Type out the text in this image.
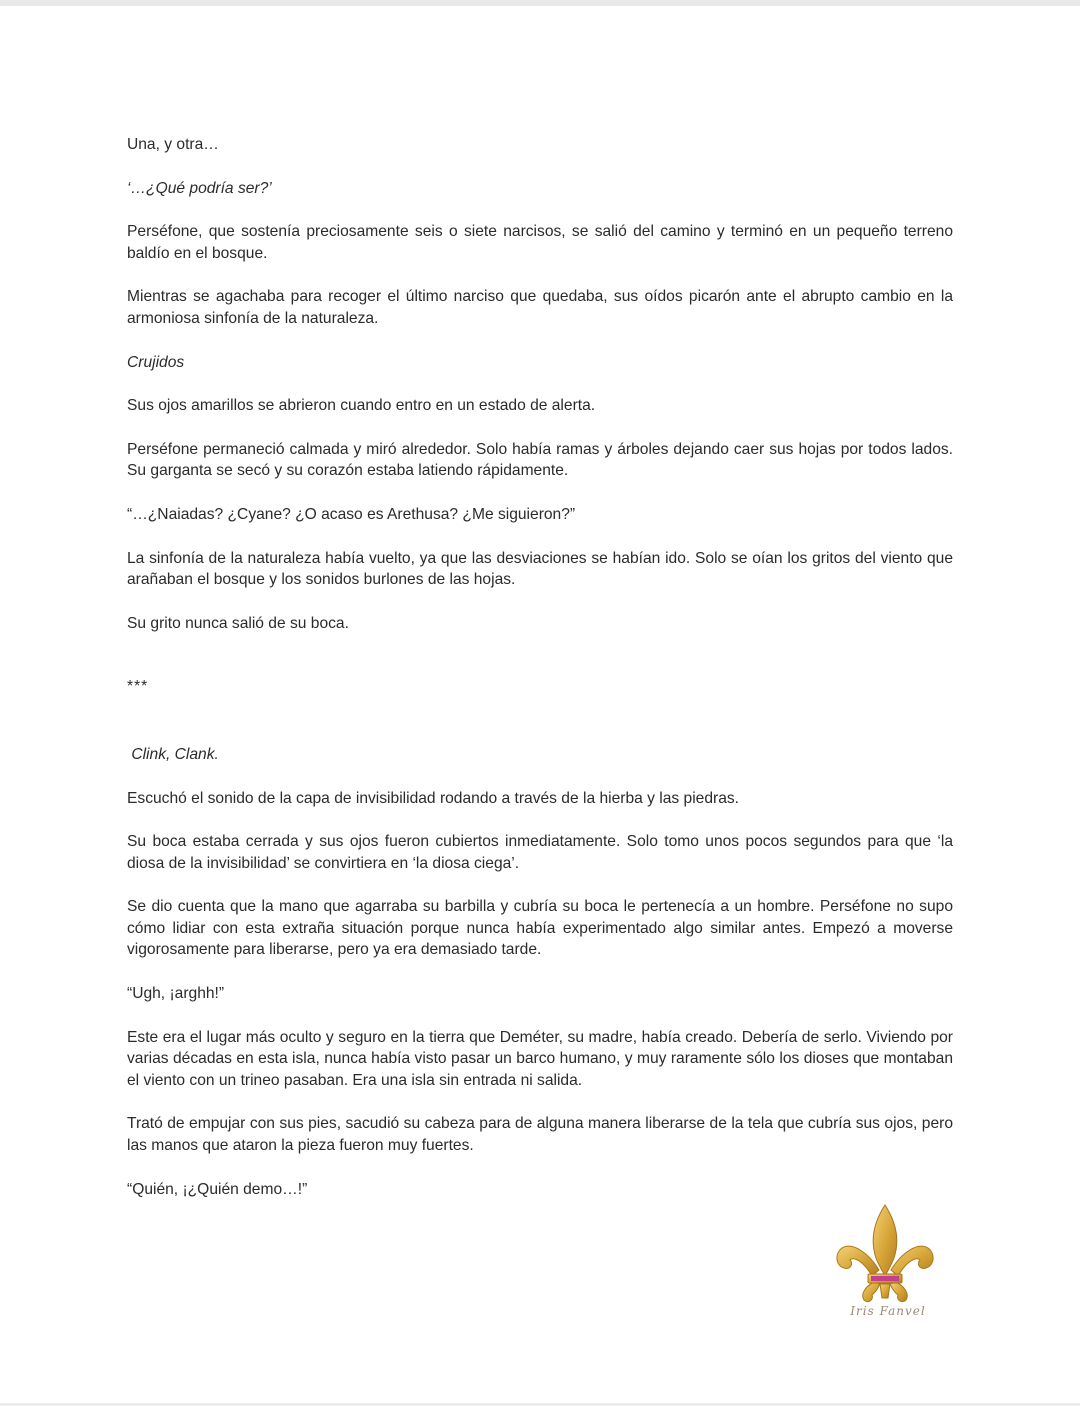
Una, y otra…

‘…¿Qué podría ser?’

Perséfone, que sostenía preciosamente seis o siete narcisos, se salió del camino y terminó en un pequeño terreno baldío en el bosque.

Mientras se agachaba para recoger el último narciso que quedaba, sus oídos picarón ante el abrupto cambio en la armoniosa sinfonía de la naturaleza.

Crujidos

Sus ojos amarillos se abrieron cuando entro en un estado de alerta.

Perséfone permaneció calmada y miró alrededor. Solo había ramas y árboles dejando caer sus hojas por todos lados. Su garganta se secó y su corazón estaba latiendo rápidamente.

“…¿Naiadas? ¿Cyane? ¿O acaso es Arethusa? ¿Me siguieron?”

La sinfonía de la naturaleza había vuelto, ya que las desviaciones se habían ido. Solo se oían los gritos del viento que arañaban el bosque y los sonidos burlones de las hojas.

Su grito nunca salió de su boca.

***

Clink, Clank.

Escuchó el sonido de la capa de invisibilidad rodando a través de la hierba y las piedras.

Su boca estaba cerrada y sus ojos fueron cubiertos inmediatamente. Solo tomo unos pocos segundos para que ‘la diosa de la invisibilidad’ se convirtiera en ‘la diosa ciega’.

Se dio cuenta que la mano que agarraba su barbilla y cubría su boca le pertenecía a un hombre. Perséfone no supo cómo lidiar con esta extraña situación porque nunca había experimentado algo similar antes. Empezó a moverse vigorosamente para liberarse, pero ya era demasiado tarde.

“Ugh, ¡arghh!”

Este era el lugar más oculto y seguro en la tierra que Deméter, su madre, había creado. Debería de serlo. Viviendo por varias décadas en esta isla, nunca había visto pasar un barco humano, y muy raramente sólo los dioses que montaban el viento con un trineo pasaban. Era una isla sin entrada ni salida.

Trató de empujar con sus pies, sacudió su cabeza para de alguna manera liberarse de la tela que cubría sus ojos, pero las manos que ataron la pieza fueron muy fuertes.

“Quién, ¡¿Quién demo…!”

Iris Fanvel
